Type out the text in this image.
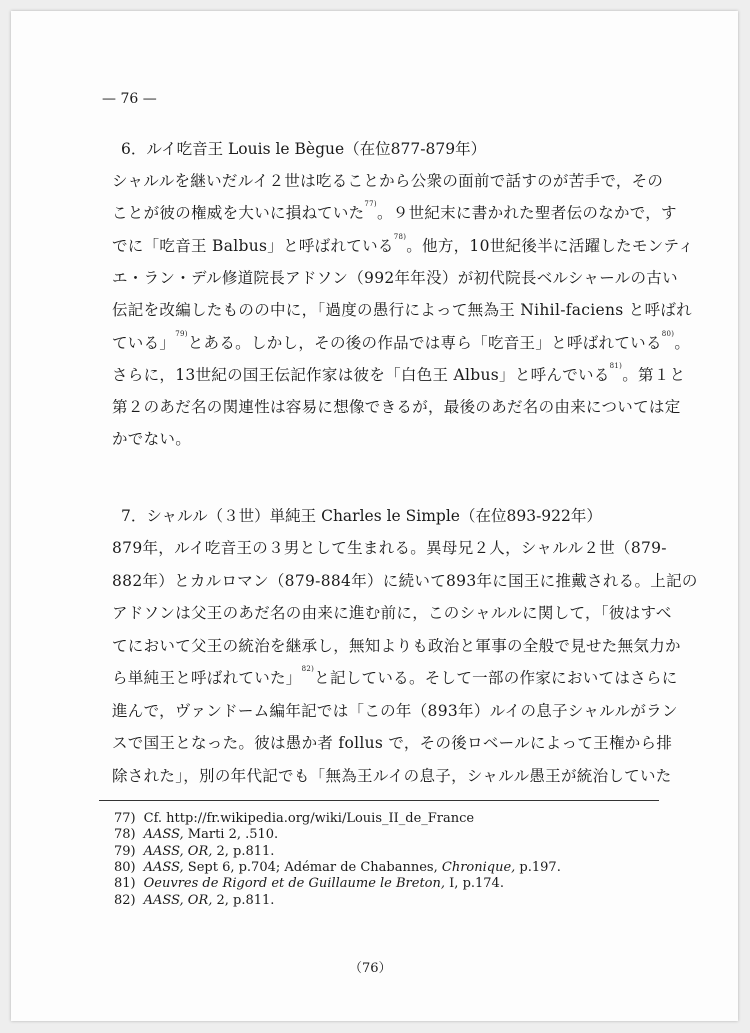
— 76 —
6．ルイ吃音王 Louis le Bègue（在位877-879年）
シャルルを継いだルイ２世は吃ることから公衆の面前で話すのが苦手で，その
ことが彼の権威を大いに損ねていた$^{77)}$。９世紀末に書かれた聖者伝のなかで，す
でに「吃音王 Balbus」と呼ばれている$^{78)}$。他方，10世紀後半に活躍したモンティ
エ・ラン・デル修道院長アドソン（992年年没）が初代院長ベルシャールの古い
伝記を改編したものの中に，「過度の愚行によって無為王 Nihil-faciens と呼ばれ
ている」$^{79)}$とある。しかし，その後の作品では専ら「吃音王」と呼ばれている$^{80)}$。
さらに，13世紀の国王伝記作家は彼を「白色王 Albus」と呼んでいる$^{81)}$。第１と
第２のあだ名の関連性は容易に想像できるが，最後のあだ名の由来については定
かでない。
7．シャルル（３世）単純王 Charles le Simple（在位893-922年）
879年，ルイ吃音王の３男として生まれる。異母兄２人，シャルル２世（879-
882年）とカルロマン（879-884年）に続いて893年に国王に推戴される。上記の
アドソンは父王のあだ名の由来に進む前に，このシャルルに関して，「彼はすべ
てにおいて父王の統治を継承し，無知よりも政治と軍事の全般で見せた無気力か
ら単純王と呼ばれていた」$^{82)}$と記している。そして一部の作家においてはさらに
進んで，ヴァンドーム編年記では「この年（893年）ルイの息子シャルルがラン
スで国王となった。彼は愚か者 follus で，その後ロベールによって王権から排
除された」，別の年代記でも「無為王ルイの息子，シャルル愚王が統治していた
77) Cf. http://fr.wikipedia.org/wiki/Louis_II_de_France
78) AASS, Marti 2, .510.
79) AASS, OR, 2, p.811.
80) AASS, Sept 6, p.704; Adémar de Chabannes, Chronique, p.197.
81) Oeuvres de Rigord et de Guillaume le Breton, I, p.174.
82) AASS, OR, 2, p.811.
（76）
